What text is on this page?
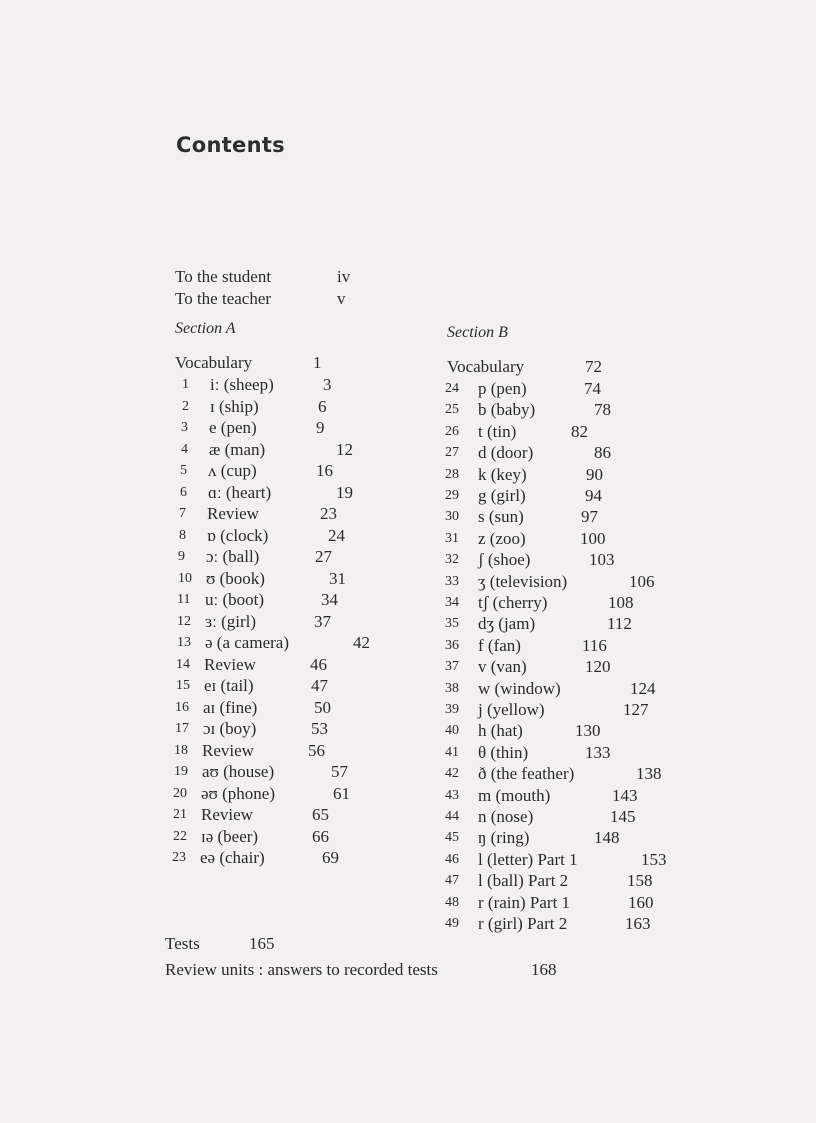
Contents
To the student	iv
To the teacher	v
Section A	Section B
Vocabulary	1	Vocabulary	72
1	iː (sheep)	3
2	ɪ (ship)	6
3	e (pen)	9
4	æ (man)	12
5	ʌ (cup)	16
6	ɑː (heart)	19
7	Review	23
8	ɒ (clock)	24
9	ɔː (ball)	27
10 ʊ (book)	31
11 uː (boot)	34
12 ɜː (girl)	37
13 ə (a camera)	42
14 Review	46
15 eɪ (tail)	47
16 aɪ (fine)	50
17 ɔɪ (boy)	53
18 Review	56
19 aʊ (house)	57
20 əʊ (phone)	61
21 Review	65
22 ɪə (beer)	66
23 eə (chair)	69
24	p (pen)	74
25	b (baby)	78
26	t (tin)	82
27	d (door)	86
28	k (key)	90
29	g (girl)	94
30	s (sun)	97
31	z (zoo)	100
32	ʃ (shoe)	103
33	ʒ (television)	106
34	tʃ (cherry)	108
35	dʒ (jam)	112
36	f (fan)	116
37	v (van)	120
38	w (window)	124
39	j (yellow)	127
40	h (hat)	130
41	θ (thin)	133
42	ð (the feather)	138
43	m (mouth)	143
44	n (nose)	145
45	ŋ (ring)	148
46	l (letter) Part 1	153
47	l (ball) Part 2	158
48	r (rain) Part 1	160
49	r (girl) Part 2	163
Tests	165
Review units : answers to recorded tests	168
